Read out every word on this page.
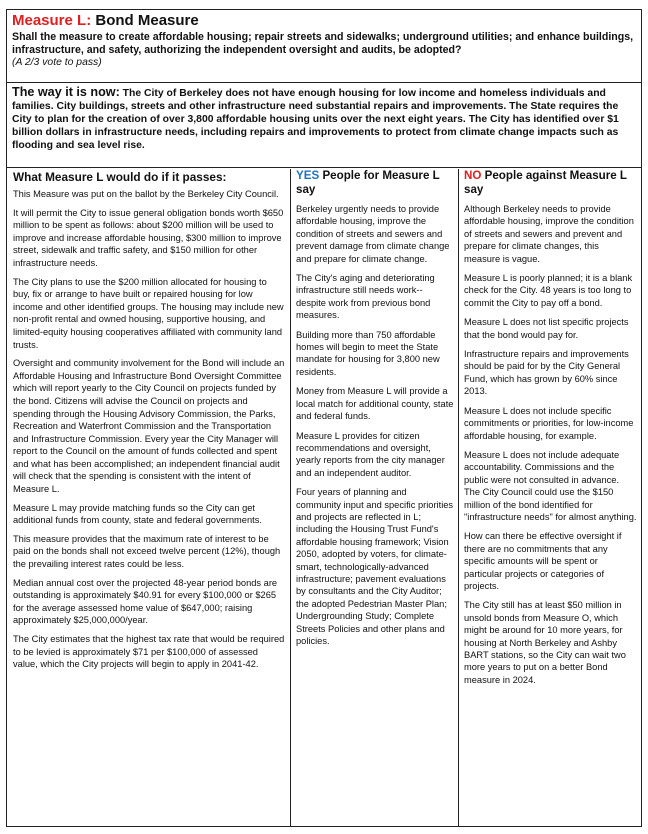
Measure L: Bond Measure
Shall the measure to create affordable housing; repair streets and sidewalks; underground utilities; and enhance buildings, infrastructure, and safety, authorizing the independent oversight and audits, be adopted?
(A 2/3 vote to pass)
The way it is now: The City of Berkeley does not have enough housing for low income and homeless individuals and families. City buildings, streets and other infrastructure need substantial repairs and improvements. The State requires the City to plan for the creation of over 3,800 affordable housing units over the next eight years. The City has identified over $1 billion dollars in infrastructure needs, including repairs and improvements to protect from climate change impacts such as flooding and sea level rise.
What Measure L would do if it passes:

This Measure was put on the ballot by the Berkeley City Council.

It will permit the City to issue general obligation bonds worth $650 million to be spent as follows: about $200 million will be used to improve and increase affordable housing, $300 million to improve street, sidewalk and traffic safety, and $150 million for other infrastructure needs.

The City plans to use the $200 million allocated for housing to buy, fix or arrange to have built or repaired housing for low income and other identified groups. The housing may include new non-profit rental and owned housing, supportive housing, and limited-equity housing cooperatives affiliated with community land trusts.

Oversight and community involvement for the Bond will include an Affordable Housing and Infrastructure Bond Oversight Committee which will report yearly to the City Council on projects funded by the bond. Citizens will advise the Council on projects and spending through the Housing Advisory Commission, the Parks, Recreation and Waterfront Commission and the Transportation and Infrastructure Commission. Every year the City Manager will report to the Council on the amount of funds collected and spent and what has been accomplished; an independent financial audit will check that the spending is consistent with the intent of Measure L.

Measure L may provide matching funds so the City can get additional funds from county, state and federal governments.

This measure provides that the maximum rate of interest to be paid on the bonds shall not exceed twelve percent (12%), though the prevailing interest rates could be less.

Median annual cost over the projected 48-year period bonds are outstanding is approximately $40.91 for every $100,000 or $265 for the average assessed home value of $647,000; raising approximately $25,000,000/year.

The City estimates that the highest tax rate that would be required to be levied is approximately $71 per $100,000 of assessed value, which the City projects will begin to apply in 2041-42.

YES People for Measure L say

Berkeley urgently needs to provide affordable housing, improve the condition of streets and sewers and prevent damage from climate change and prepare for climate change.

The City's aging and deteriorating infrastructure still needs work-- despite work from previous bond measures.

Building more than 750 affordable homes will begin to meet the State mandate for housing for 3,800 new residents.

Money from Measure L will provide a local match for additional county, state and federal funds.

Measure L provides for citizen recommendations and oversight, yearly reports from the city manager and an independent auditor.

Four years of planning and community input and specific priorities and projects are reflected in L; including the Housing Trust Fund's affordable housing framework; Vision 2050, adopted by voters, for climate-smart, technologically-advanced infrastructure; pavement evaluations by consultants and the City Auditor; the adopted Pedestrian Master Plan; Undergrounding Study; Complete Streets Policies and other plans and policies.

NO People against Measure L say

Although Berkeley needs to provide affordable housing, improve the condition of streets and sewers and prevent and prepare for climate changes, this measure is vague.

Measure L is poorly planned; it is a blank check for the City. 48 years is too long to commit the City to pay off a bond.

Measure L does not list specific projects that the bond would pay for.

Infrastructure repairs and improvements should be paid for by the City General Fund, which has grown by 60% since 2013.

Measure L does not include specific commitments or priorities, for low-income affordable housing, for example.

Measure L does not include adequate accountability. Commissions and the public were not consulted in advance. The City Council could use the $150 million of the bond identified for "infrastructure needs" for almost anything.

How can there be effective oversight if there are no commitments that any specific amounts will be spent or particular projects or categories of projects.

The City still has at least $50 million in unsold bonds from Measure O, which might be around for 10 more years, for housing at North Berkeley and Ashby BART stations, so the City can wait two more years to put on a better Bond measure in 2024.
